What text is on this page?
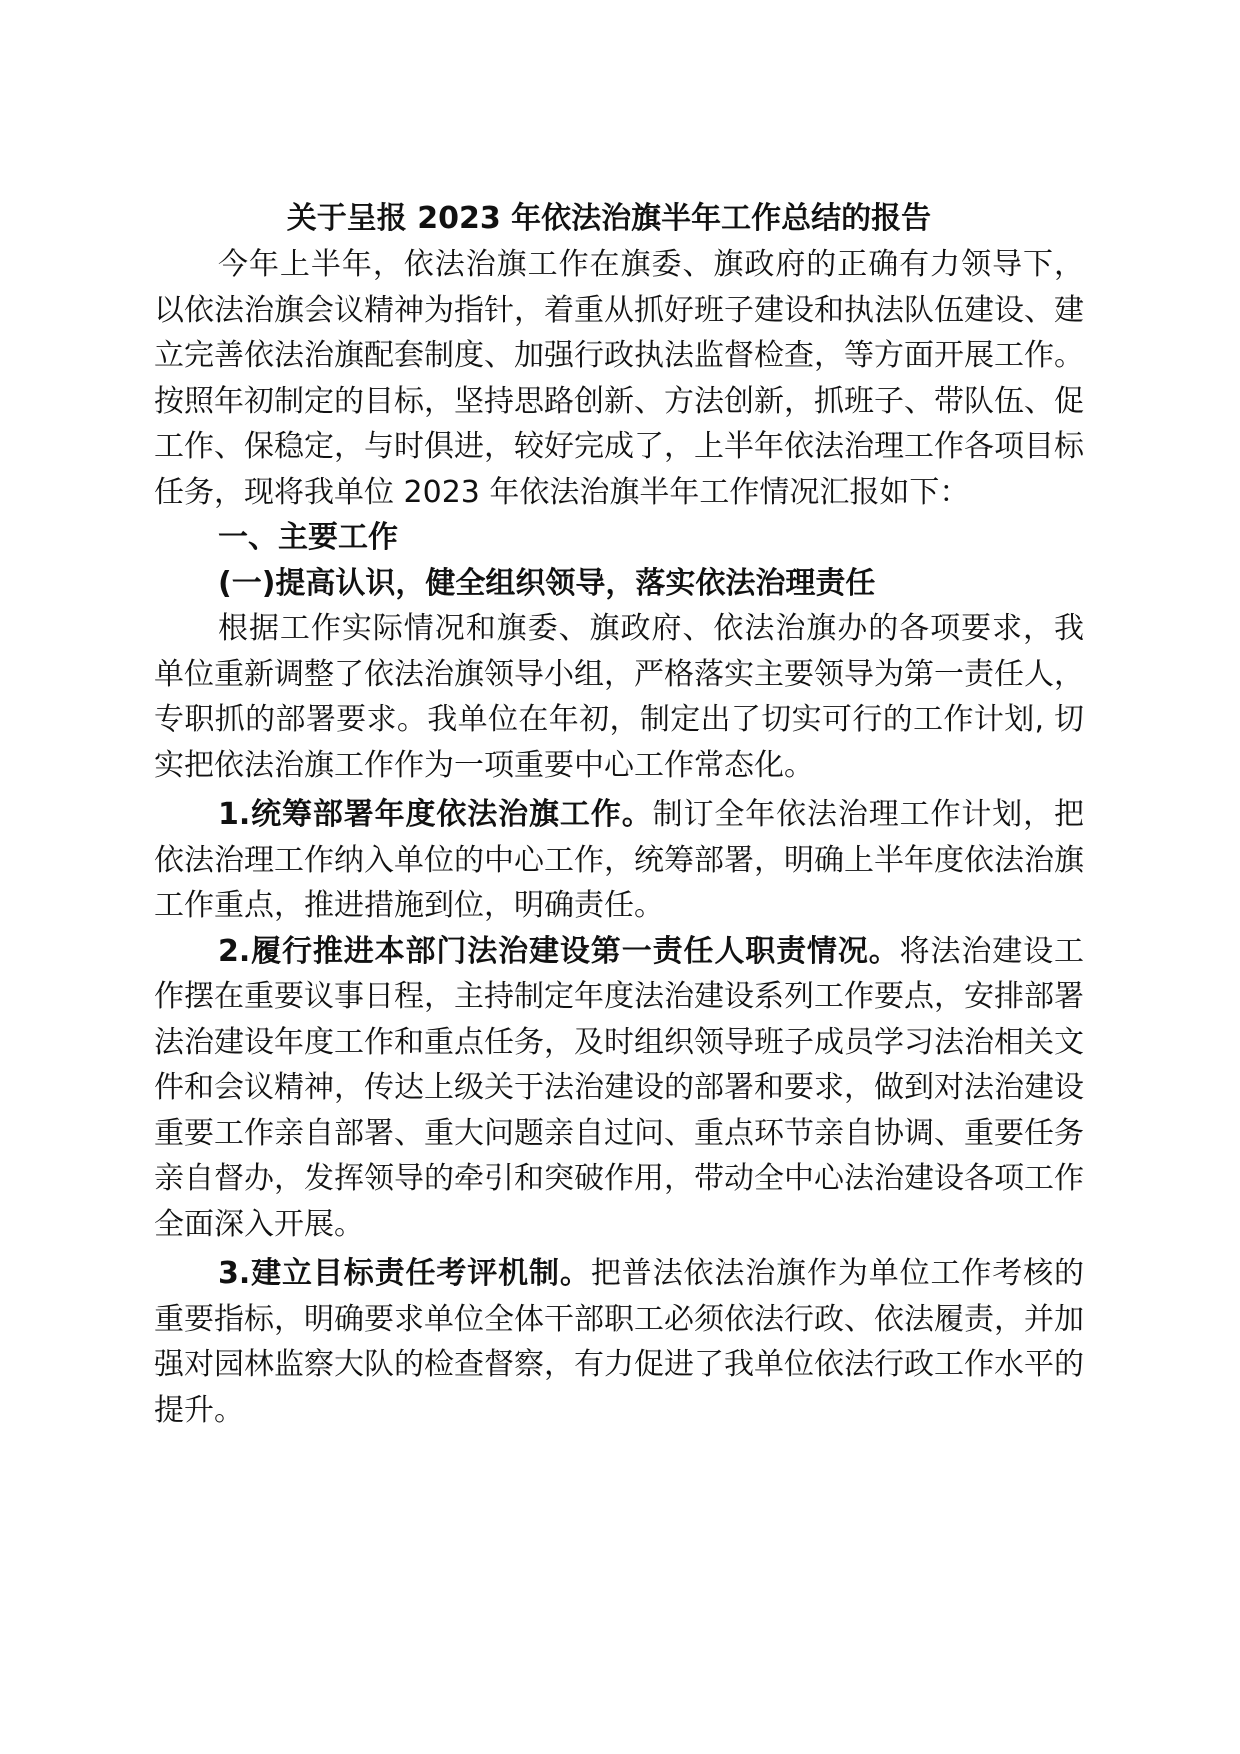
关于呈报 2023 年依法治旗半年工作总结的报告

今年上半年，依法治旗工作在旗委、旗政府的正确有力领导下，以依法治旗会议精神为指针，着重从抓好班子建设和执法队伍建设、建立完善依法治旗配套制度、加强行政执法监督检查，等方面开展工作。按照年初制定的目标，坚持思路创新、方法创新，抓班子、带队伍、促工作、保稳定，与时俱进，较好完成了，上半年依法治理工作各项目标任务，现将我单位 2023 年依法治旗半年工作情况汇报如下：

一、主要工作
(一)提高认识，健全组织领导，落实依法治理责任

根据工作实际情况和旗委、旗政府、依法治旗办的各项要求，我单位重新调整了依法治旗领导小组，严格落实主要领导为第一责任人，专职抓的部署要求。我单位在年初，制定出了切实可行的工作计划, 切实把依法治旗工作作为一项重要中心工作常态化。

1.统筹部署年度依法治旗工作。制订全年依法治理工作计划，把依法治理工作纳入单位的中心工作，统筹部署，明确上半年度依法治旗工作重点，推进措施到位，明确责任。

2.履行推进本部门法治建设第一责任人职责情况。将法治建设工作摆在重要议事日程，主持制定年度法治建设系列工作要点，安排部署法治建设年度工作和重点任务，及时组织领导班子成员学习法治相关文件和会议精神，传达上级关于法治建设的部署和要求，做到对法治建设重要工作亲自部署、重大问题亲自过问、重点环节亲自协调、重要任务亲自督办，发挥领导的牵引和突破作用，带动全中心法治建设各项工作全面深入开展。

3.建立目标责任考评机制。把普法依法治旗作为单位工作考核的重要指标，明确要求单位全体干部职工必须依法行政、依法履责，并加强对园林监察大队的检查督察，有力促进了我单位依法行政工作水平的提升。
